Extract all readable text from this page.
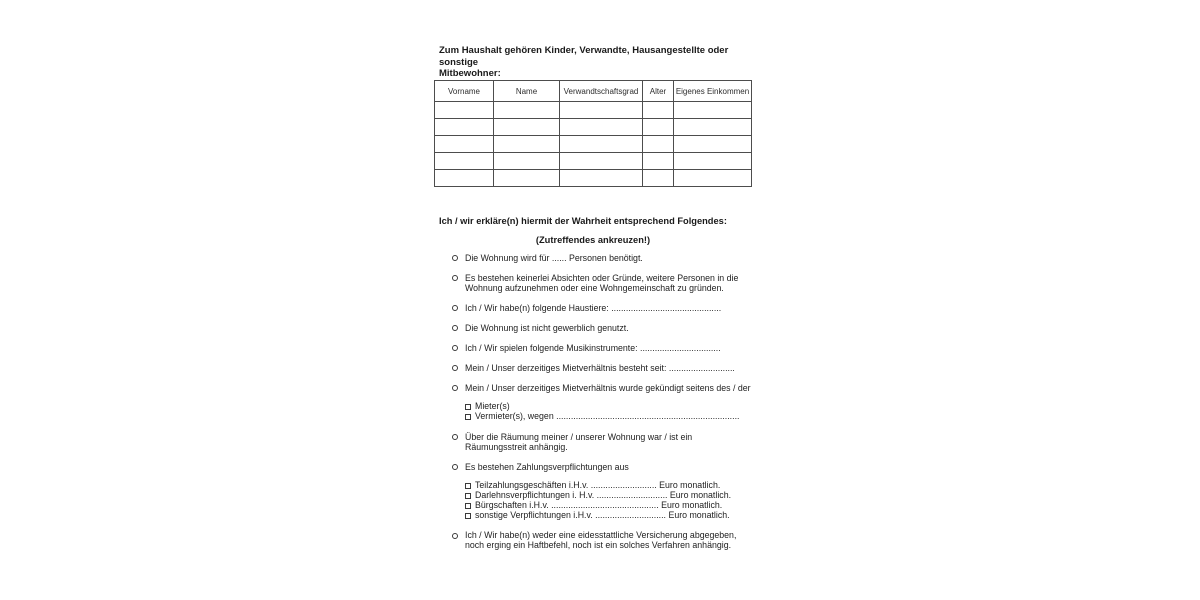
Zum Haushalt gehören Kinder, Verwandte, Hausangestellte oder sonstige
Mitbewohner:
Vorname	Name	Verwandtschaftsgrad	Alter	Eigenes Einkommen

Ich / wir erkläre(n) hiermit der Wahrheit entsprechend Folgendes:
(Zutreffendes ankreuzen!)
Die Wohnung wird für ...... Personen benötigt.
Es bestehen keinerlei Absichten oder Gründe, weitere Personen in die
Wohnung aufzunehmen oder eine Wohngemeinschaft zu gründen.
Ich / Wir habe(n) folgende Haustiere: .............................................
Die Wohnung ist nicht gewerblich genutzt.
Ich / Wir spielen folgende Musikinstrumente: .................................
Mein / Unser derzeitiges Mietverhältnis besteht seit: ...........................
Mein / Unser derzeitiges Mietverhältnis wurde gekündigt seitens des / der
Mieter(s)
Vermieter(s), wegen ...........................................................................
Über die Räumung meiner / unserer Wohnung war / ist ein
Räumungsstreit anhängig.
Es bestehen Zahlungsverpflichtungen aus
Teilzahlungsgeschäften i.H.v. ........................... Euro monatlich.
Darlehnsverpflichtungen i. H.v. ............................. Euro monatlich.
Bürgschaften i.H.v. ............................................ Euro monatlich.
sonstige Verpflichtungen i.H.v. ............................. Euro monatlich.
Ich / Wir habe(n) weder eine eidesstattliche Versicherung abgegeben,
noch erging ein Haftbefehl, noch ist ein solches Verfahren anhängig.
